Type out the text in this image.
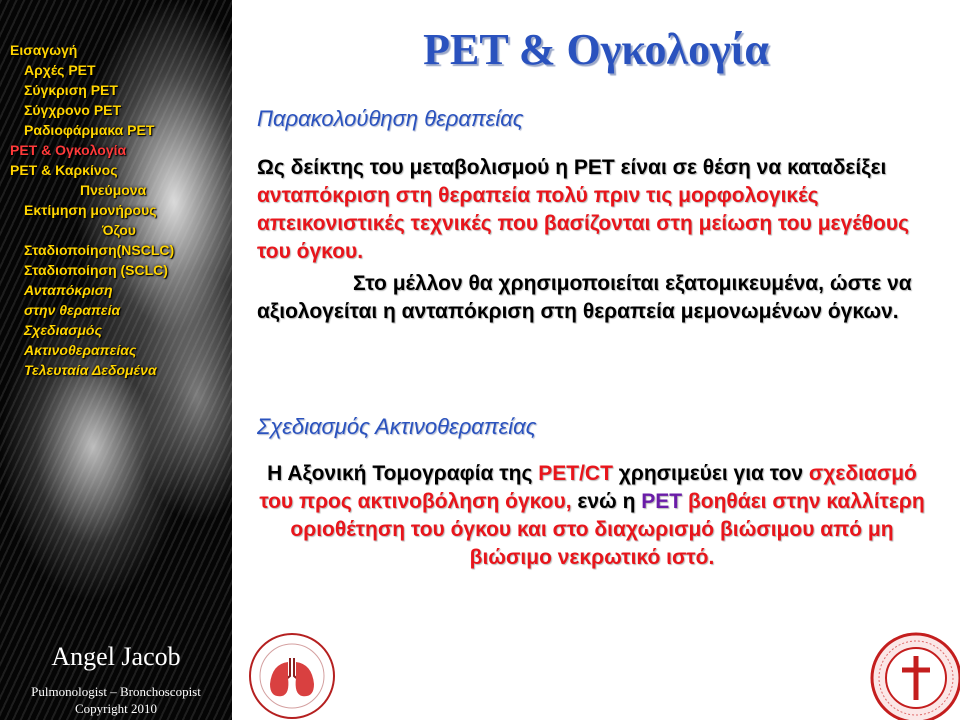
Εισαγωγή
Αρχές PET
Σύγκριση PET
Σύγχρονο PET
Ραδιοφάρμακα PET
PET & Ογκολογία
PET & Καρκίνος
Πνεύμονα
Εκτίμηση μονήρους
Όζου
Σταδιοποίηση(NSCLC)
Σταδιοποίηση (SCLC)
Ανταπόκριση
στην θεραπεία
Σχεδιασμός
Ακτινοθεραπείας
Τελευταία Δεδομένα
Angel Jacob
Pulmonologist – Bronchoscopist
Copyright 2010
PET & Ογκολογία
Παρακολούθηση θεραπείας
Ως δείκτης του μεταβολισμού η PET είναι σε θέση να καταδείξει ανταπόκριση στη θεραπεία πολύ πριν τις μορφολογικές απεικονιστικές τεχνικές που βασίζονται στη μείωση του μεγέθους του όγκου.
Στο μέλλον θα χρησιμοποιείται εξατομικευμένα, ώστε να αξιολογείται η ανταπόκριση στη θεραπεία μεμονωμένων όγκων.
Σχεδιασμός Ακτινοθεραπείας
Η Αξονική Τομογραφία της PET/CT χρησιμεύει για τον σχεδιασμό του προς ακτινοβόληση όγκου, ενώ η PET βοηθάει στην καλλίτερη οριοθέτηση του όγκου και στο διαχωρισμό βιώσιμου από μη βιώσιμο νεκρωτικό ιστό.
